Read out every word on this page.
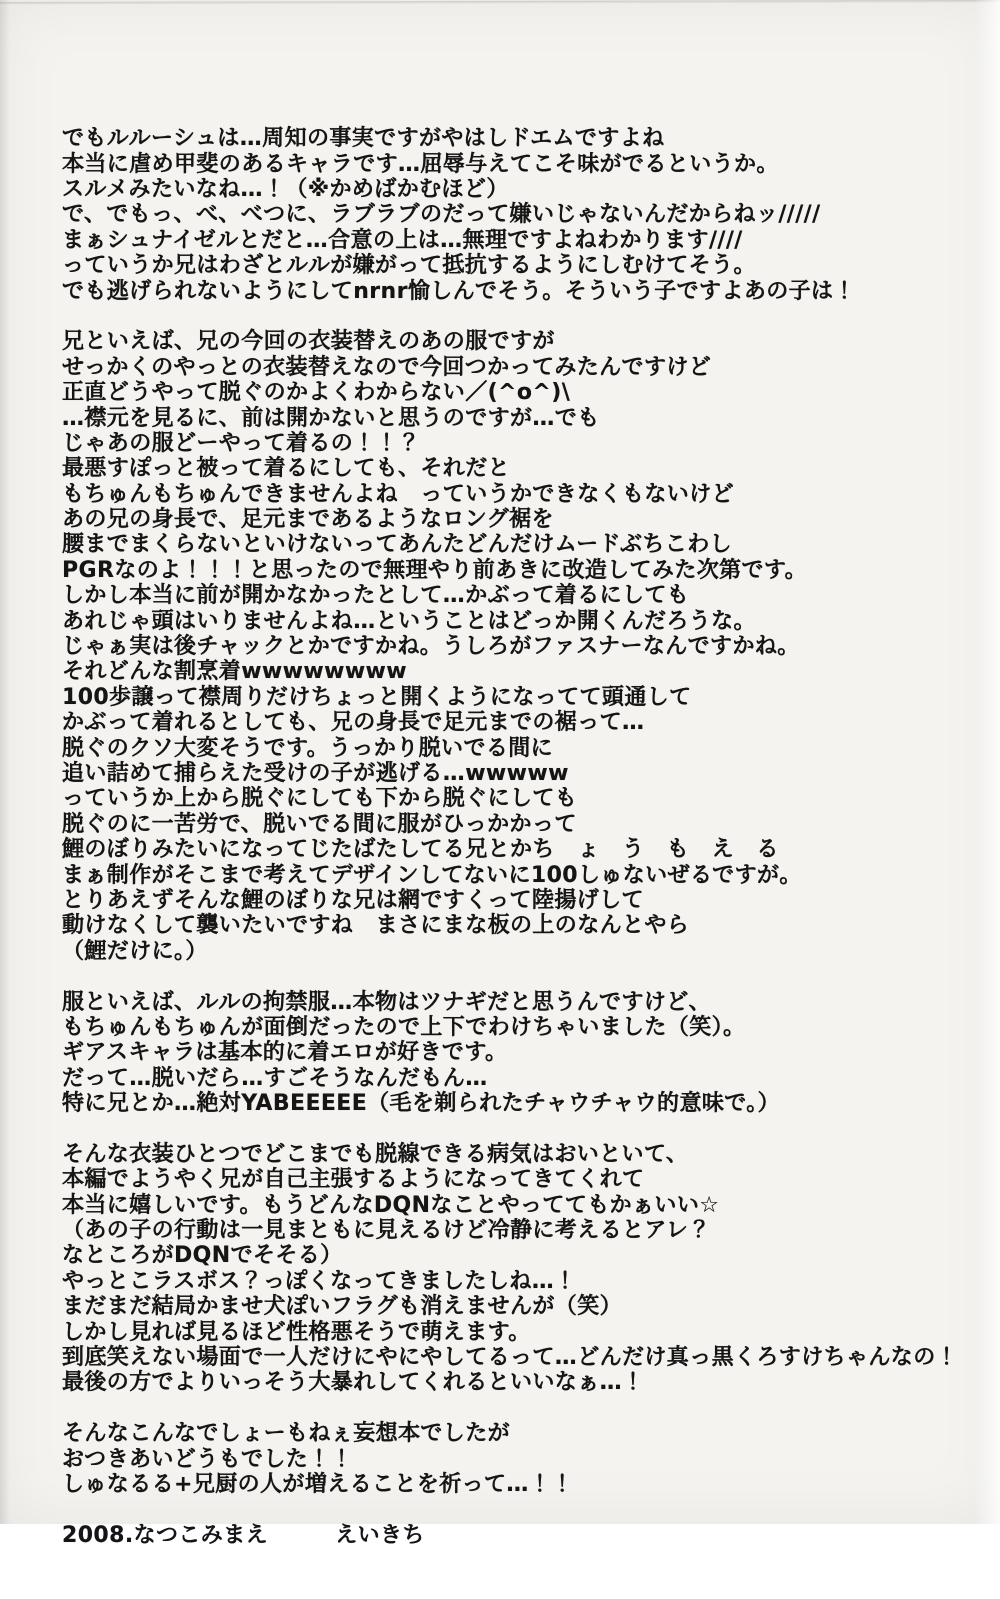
でもルルーシュは…周知の事実ですがやはしドエムですよね
本当に虐め甲斐のあるキャラです…屈辱与えてこそ味がでるというか。
スルメみたいなね…！（※かめばかむほど）
で、でもっ、べ、べつに、ラブラブのだって嫌いじゃないんだからねッ/////
まぁシュナイゼルとだと…合意の上は…無理ですよねわかります////
っていうか兄はわざとルルが嫌がって抵抗するようにしむけてそう。
でも逃げられないようにしてnrnr愉しんでそう。そういう子ですよあの子は！

兄といえば、兄の今回の衣装替えのあの服ですが
せっかくのやっとの衣装替えなので今回つかってみたんですけど
正直どうやって脱ぐのかよくわからない／(^o^)\
…襟元を見るに、前は開かないと思うのですが…でも
じゃあの服どーやって着るの！！？
最悪すぽっと被って着るにしても、それだと
もちゅんもちゅんできませんよね　っていうかできなくもないけど
あの兄の身長で、足元まであるようなロング裾を
腰までまくらないといけないってあんたどんだけムードぶちこわし
PGRなのよ！！！と思ったので無理やり前あきに改造してみた次第です。
しかし本当に前が開かなかったとして…かぶって着るにしても
あれじゃ頭はいりませんよね…ということはどっか開くんだろうな。
じゃぁ実は後チャックとかですかね。うしろがファスナーなんですかね。
それどんな割烹着wwwwwwww
100歩譲って襟周りだけちょっと開くようになってて頭通して
かぶって着れるとしても、兄の身長で足元までの裾って…
脱ぐのクソ大変そうです。うっかり脱いでる間に
追い詰めて捕らえた受けの子が逃げる…wwwww
っていうか上から脱ぐにしても下から脱ぐにしても
脱ぐのに一苦労で、脱いでる間に服がひっかかって
鯉のぼりみたいになってじたばたしてる兄とかち　ょ　う　も　え　る
まぁ制作がそこまで考えてデザインしてないに100しゅないぜるですが。
とりあえずそんな鯉のぼりな兄は網ですくって陸揚げして
動けなくして襲いたいですね　まさにまな板の上のなんとやら
（鯉だけに。）

服といえば、ルルの拘禁服…本物はツナギだと思うんですけど、
もちゅんもちゅんが面倒だったので上下でわけちゃいました（笑）。
ギアスキャラは基本的に着エロが好きです。
だって…脱いだら…すごそうなんだもん…
特に兄とか…絶対YABEEEEE（毛を剃られたチャウチャウ的意味で。）

そんな衣装ひとつでどこまでも脱線できる病気はおいといて、
本編でようやく兄が自己主張するようになってきてくれて
本当に嬉しいです。もうどんなDQNなことやっててもかぁいい☆
（あの子の行動は一見まともに見えるけど冷静に考えるとアレ？
なところがDQNでそそる）
やっとこラスボス？っぽくなってきましたしね…！
まだまだ結局かませ犬ぽいフラグも消えませんが（笑）
しかし見れば見るほど性格悪そうで萌えます。
到底笑えない場面で一人だけにやにやしてるって…どんだけ真っ黒くろすけちゃんなの！
最後の方でよりいっそう大暴れしてくれるといいなぁ…！

そんなこんなでしょーもねぇ妄想本でしたが
おつきあいどうもでした！！
しゅなるる+兄厨の人が増えることを祈って…！！

2008.なつこみまえ　　　えいきち
